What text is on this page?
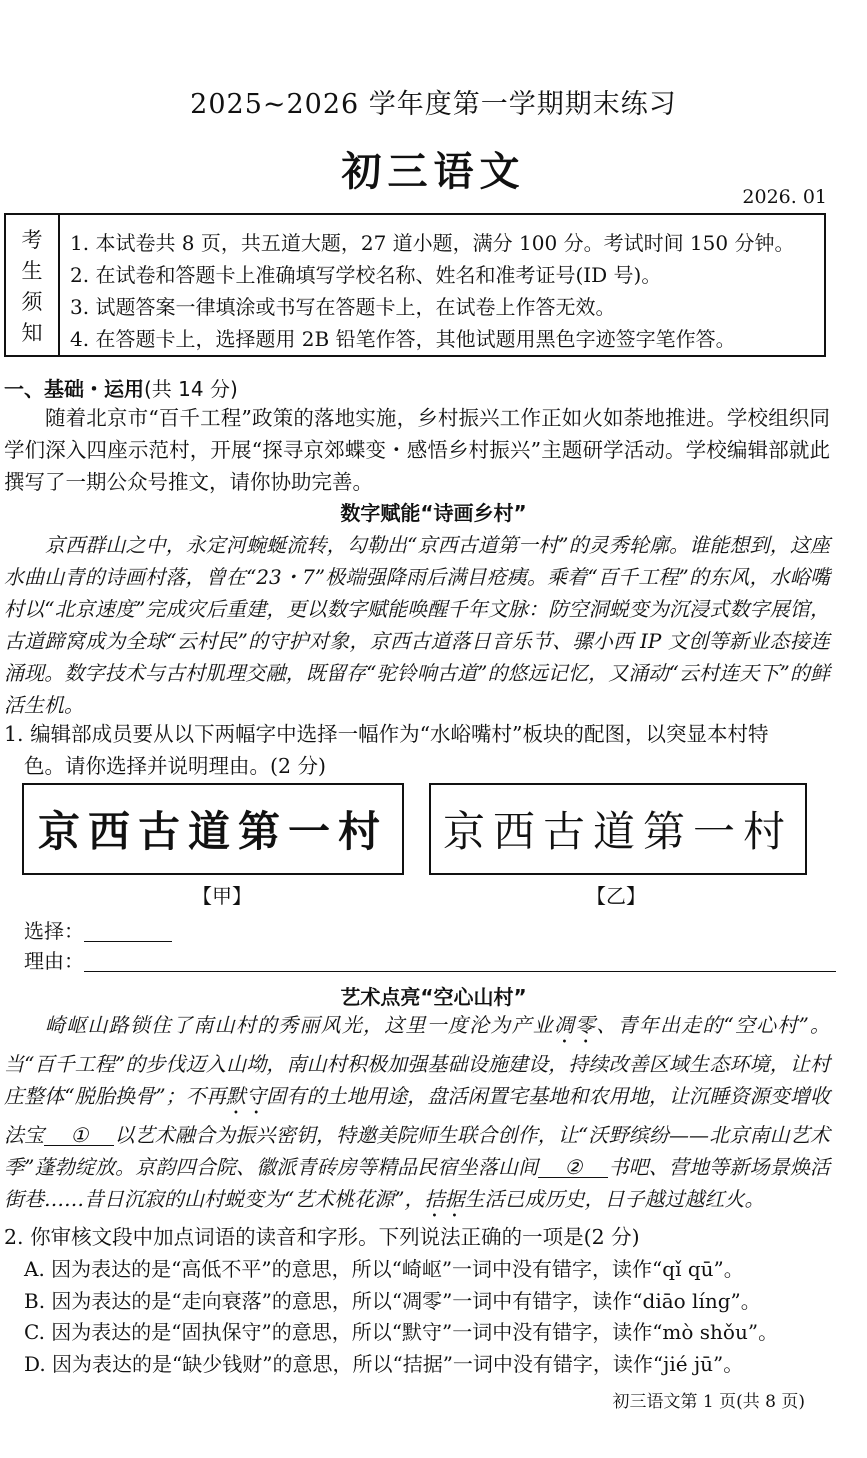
2025~2026 学年度第一学期期末练习
初三语文
2026. 01
考
生
须
知
1. 本试卷共 8 页，共五道大题，27 道小题，满分 100 分。考试时间 150 分钟。
2. 在试卷和答题卡上准确填写学校名称、姓名和准考证号(ID 号)。
3. 试题答案一律填涂或书写在答题卡上，在试卷上作答无效。
4. 在答题卡上，选择题用 2B 铅笔作答，其他试题用黑色字迹签字笔作答。
一、基础・运用(共 14 分)
随着北京市“百千工程”政策的落地实施，乡村振兴工作正如火如荼地推进。学校组织同学们深入四座示范村，开展“探寻京郊蝶变・感悟乡村振兴”主题研学活动。学校编辑部就此撰写了一期公众号推文，请你协助完善。
数字赋能“诗画乡村”
京西群山之中，永定河蜿蜒流转，勾勒出“京西古道第一村”的灵秀轮廓。谁能想到，这座水曲山青的诗画村落，曾在“23・7”极端强降雨后满目疮痍。乘着“百千工程”的东风，水峪嘴村以“北京速度”完成灾后重建，更以数字赋能唤醒千年文脉：防空洞蜕变为沉浸式数字展馆，古道蹄窝成为全球“云村民”的守护对象，京西古道落日音乐节、骡小西 IP 文创等新业态接连涌现。数字技术与古村肌理交融，既留存“驼铃响古道”的悠远记忆，又涌动“云村连天下”的鲜活生机。
1. 编辑部成员要从以下两幅字中选择一幅作为“水峪嘴村”板块的配图，以突显本村特
色。请你选择并说明理由。(2 分)
京西古道第一村	京西古道第一村
【甲】	【乙】
选择：
理由：
艺术点亮“空心山村”
崎岖山路锁住了南山村的秀丽风光，这里一度沦为产业凋零、青年出走的“空心村”。当“百千工程”的步伐迈入山坳，南山村积极加强基础设施建设，持续改善区域生态环境，让村庄整体“脱胎换骨”；不再默守固有的土地用途，盘活闲置宅基地和农用地，让沉睡资源变增收法宝 ① 以艺术融合为振兴密钥，特邀美院师生联合创作，让“沃野缤纷——北京南山艺术季”蓬勃绽放。京韵四合院、徽派青砖房等精品民宿坐落山间 ② 书吧、营地等新场景焕活街巷……昔日沉寂的山村蜕变为“艺术桃花源”，拮据生活已成历史，日子越过越红火。
2. 你审核文段中加点词语的读音和字形。下列说法正确的一项是(2 分)
A. 因为表达的是“高低不平”的意思，所以“崎岖”一词中没有错字，读作“qǐ qū”。
B. 因为表达的是“走向衰落”的意思，所以“凋零”一词中有错字，读作“diāo líng”。
C. 因为表达的是“固执保守”的意思，所以“默守”一词中没有错字，读作“mò shǒu”。
D. 因为表达的是“缺少钱财”的意思，所以“拮据”一词中没有错字，读作“jié jū”。
初三语文第 1 页(共 8 页)
